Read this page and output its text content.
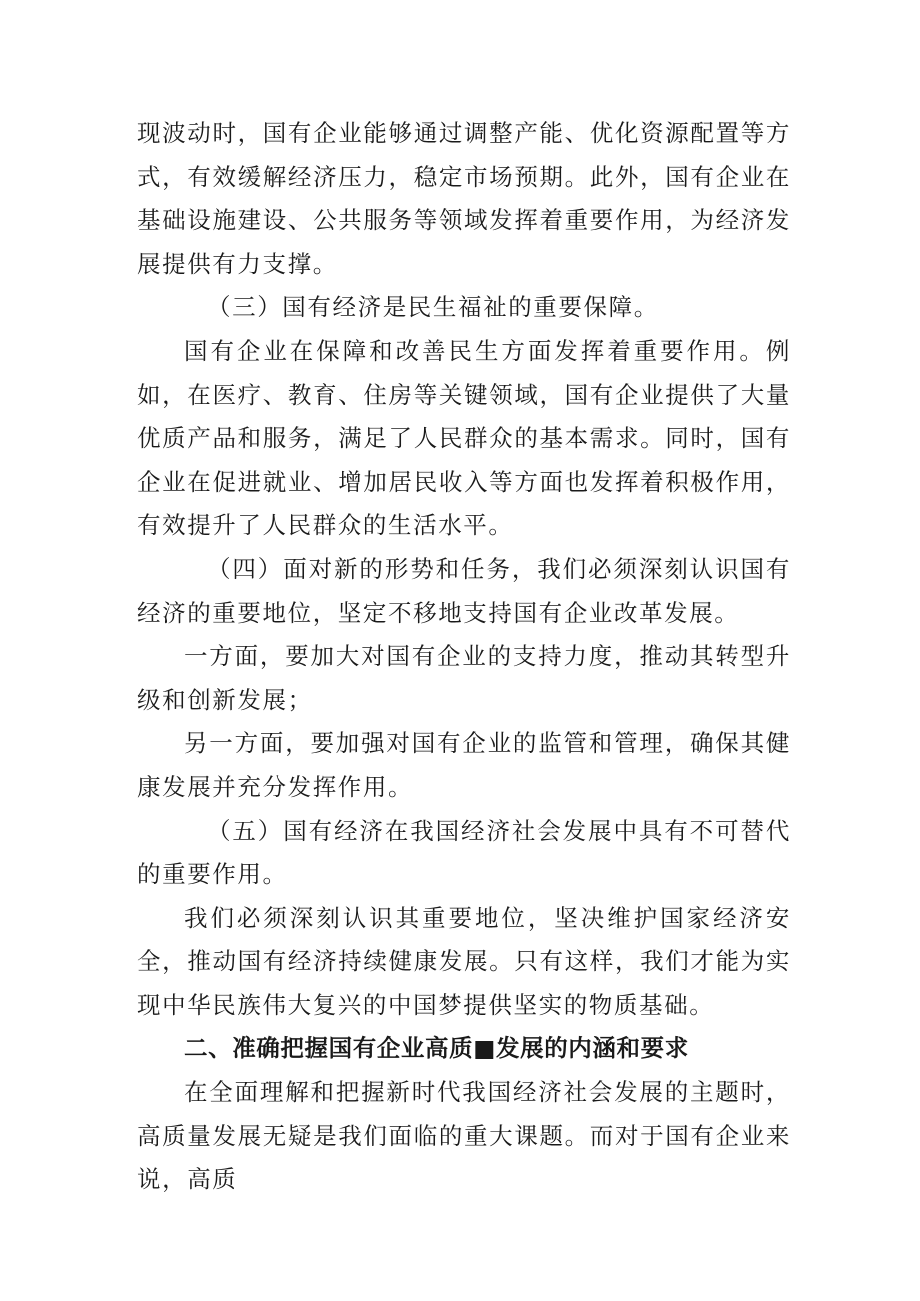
现波动时，国有企业能够通过调整产能、优化资源配置等方式，有效缓解经济压力，稳定市场预期。此外，国有企业在基础设施建设、公共服务等领域发挥着重要作用，为经济发展提供有力支撑。

（三）国有经济是民生福祉的重要保障。

国有企业在保障和改善民生方面发挥着重要作用。例如，在医疗、教育、住房等关键领域，国有企业提供了大量优质产品和服务，满足了人民群众的基本需求。同时，国有企业在促进就业、增加居民收入等方面也发挥着积极作用，有效提升了人民群众的生活水平。

（四）面对新的形势和任务，我们必须深刻认识国有经济的重要地位，坚定不移地支持国有企业改革发展。

一方面，要加大对国有企业的支持力度，推动其转型升级和创新发展；

另一方面，要加强对国有企业的监管和管理，确保其健康发展并充分发挥作用。

（五）国有经济在我国经济社会发展中具有不可替代的重要作用。

我们必须深刻认识其重要地位，坚决维护国家经济安全，推动国有经济持续健康发展。只有这样，我们才能为实现中华民族伟大复兴的中国梦提供坚实的物质基础。

二、准确把握国有企业高质■发展的内涵和要求

在全面理解和把握新时代我国经济社会发展的主题时，高质量发展无疑是我们面临的重大课题。而对于国有企业来说，高质
